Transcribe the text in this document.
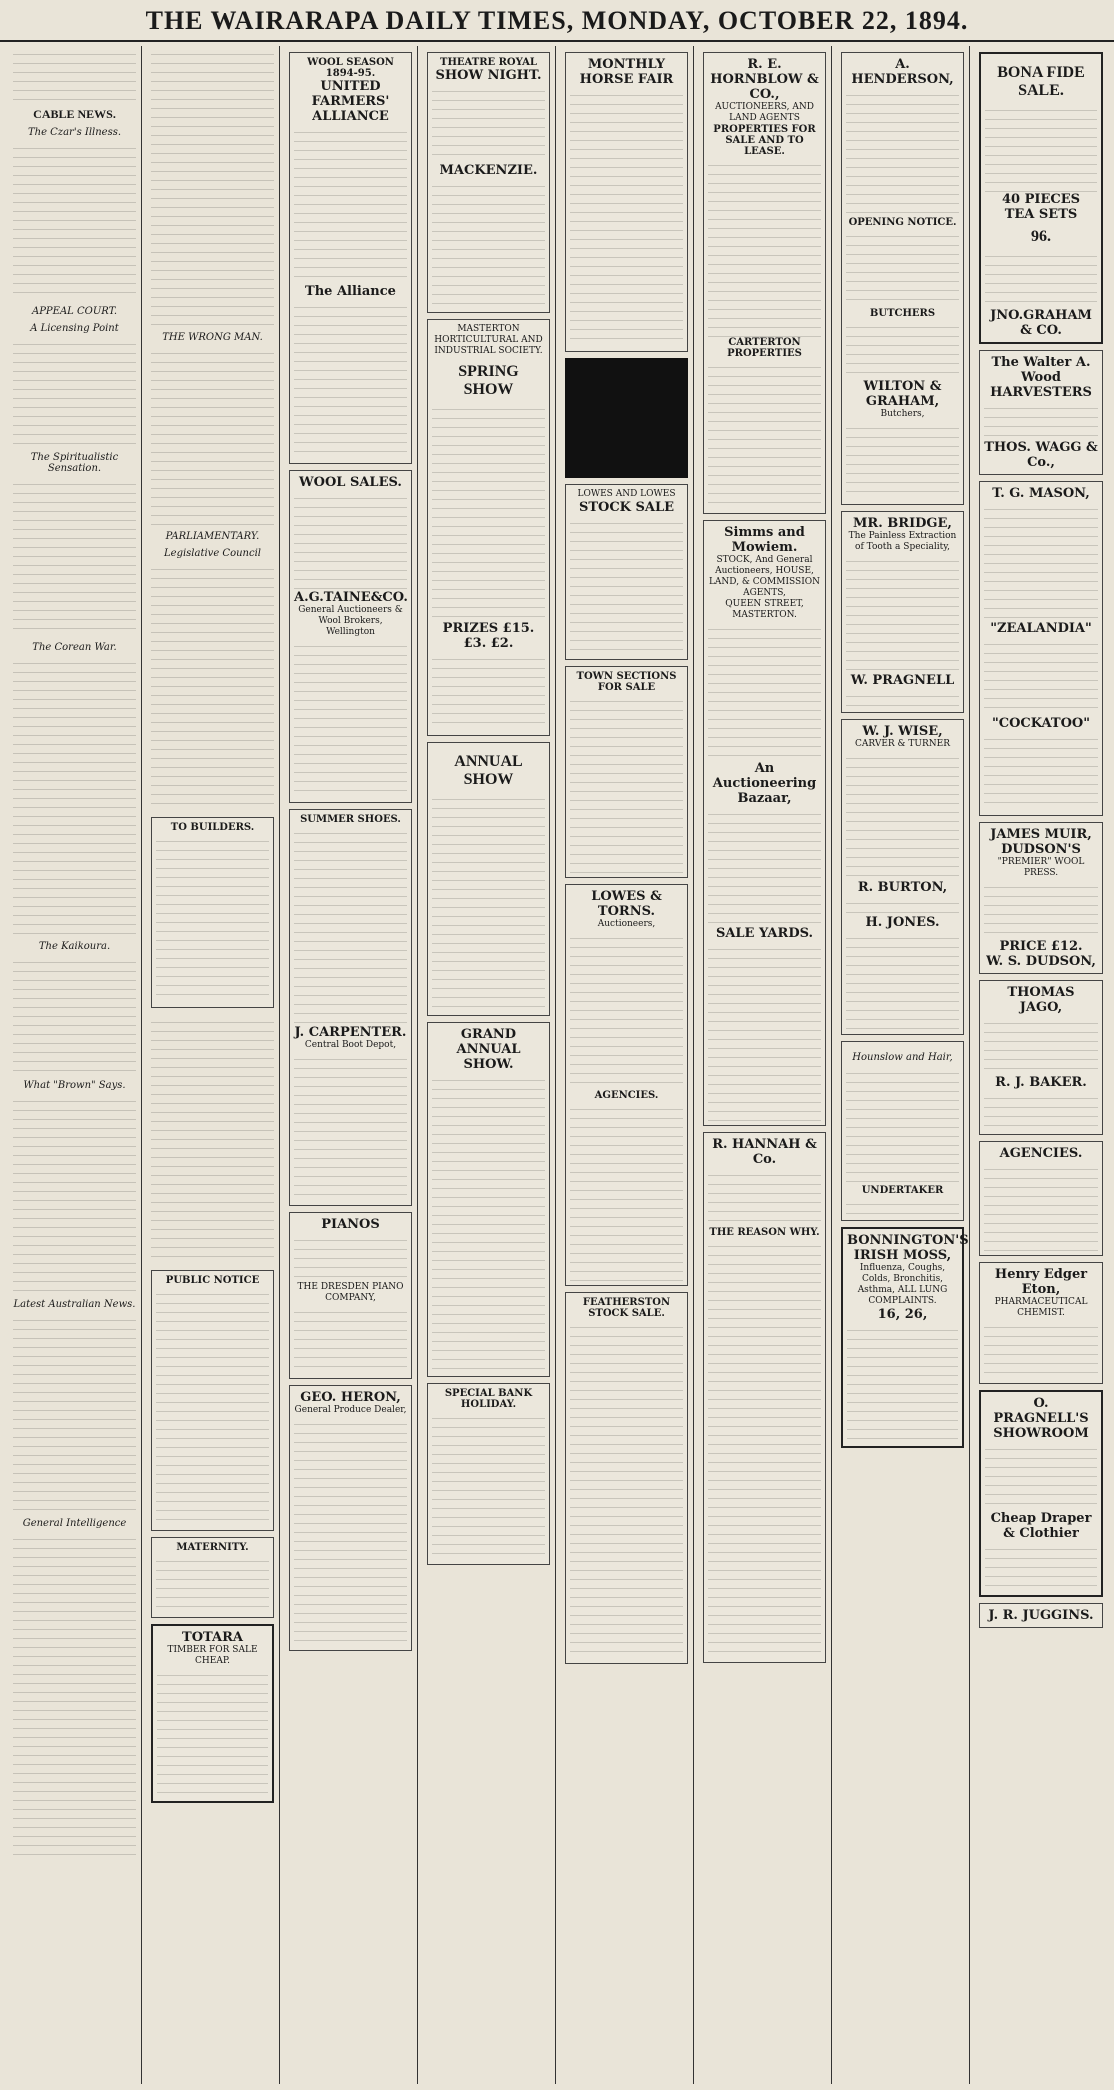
THE WAIRARAPA DAILY TIMES, MONDAY, OCTOBER 22, 1894.
CABLE NEWS.
The Czar's Illness.
APPEAL COURT.
A Licensing Point
The Spiritualistic Sensation.
The Corean War.
The Kaikoura.
What "Brown" Says.
Latest Australian News.
General Intelligence
THE WRONG MAN.
PARLIAMENTARY.
Legislative Council
TO BUILDERS.
PUBLIC NOTICE
MATERNITY.
TOTARA
TIMBER FOR SALE CHEAP.
WOOL SEASON 1894-95.
UNITED FARMERS' ALLIANCE
The Alliance
WOOL SALES.
A.G.TAINE&CO.
General Auctioneers & Wool Brokers, Wellington
SUMMER SHOES.
J. CARPENTER.
Central Boot Depot,
PIANOS
THE DRESDEN PIANO COMPANY,
GEO. HERON,
General Produce Dealer,
THEATRE ROYAL
SHOW NIGHT.
MACKENZIE.
MASTERTON HORTICULTURAL AND INDUSTRIAL SOCIETY.
SPRING SHOW
PRIZES £15. £3. £2.
ANNUAL SHOW
GRAND ANNUAL SHOW.
SPECIAL BANK HOLIDAY.
MONTHLY HORSE FAIR
LOWES AND LOWES
STOCK SALE
TOWN SECTIONS FOR SALE
LOWES & TORNS.
Auctioneers,
AGENCIES.
FEATHERSTON STOCK SALE.
R. E. HORNBLOW & CO.,
AUCTIONEERS, AND LAND AGENTS
PROPERTIES FOR SALE AND TO LEASE.
CARTERTON PROPERTIES
Simms and Mowiem.
STOCK, And General Auctioneers, HOUSE, LAND, & COMMISSION AGENTS,
QUEEN STREET, MASTERTON.
An Auctioneering Bazaar,
SALE YARDS.
R. HANNAH & Co.
THE REASON WHY.
A. HENDERSON,
OPENING NOTICE.
BUTCHERS
WILTON & GRAHAM,
Butchers,
MR. BRIDGE,
The Painless Extraction of Tooth a Speciality,
W. PRAGNELL
W. J. WISE,
CARVER & TURNER
R. BURTON,
H. JONES.
Hounslow and Hair,
UNDERTAKER
BONNINGTON'S
IRISH MOSS,
Influenza, Coughs, Colds, Bronchitis, Asthma, ALL LUNG COMPLAINTS.
16, 26,
BONA FIDE SALE.
40 PIECES TEA SETS
96.
JNO.GRAHAM & CO.
The Walter A. Wood HARVESTERS
THOS. WAGG & Co.,
T. G. MASON,
"ZEALANDIA"
"COCKATOO"
JAMES MUIR,
DUDSON'S
"PREMIER" WOOL PRESS.
PRICE £12.
W. S. DUDSON,
THOMAS JAGO,
R. J. BAKER.
AGENCIES.
Henry Edger Eton,
PHARMACEUTICAL CHEMIST.
O. PRAGNELL'S
SHOWROOM
Cheap Draper & Clothier
J. R. JUGGINS.
